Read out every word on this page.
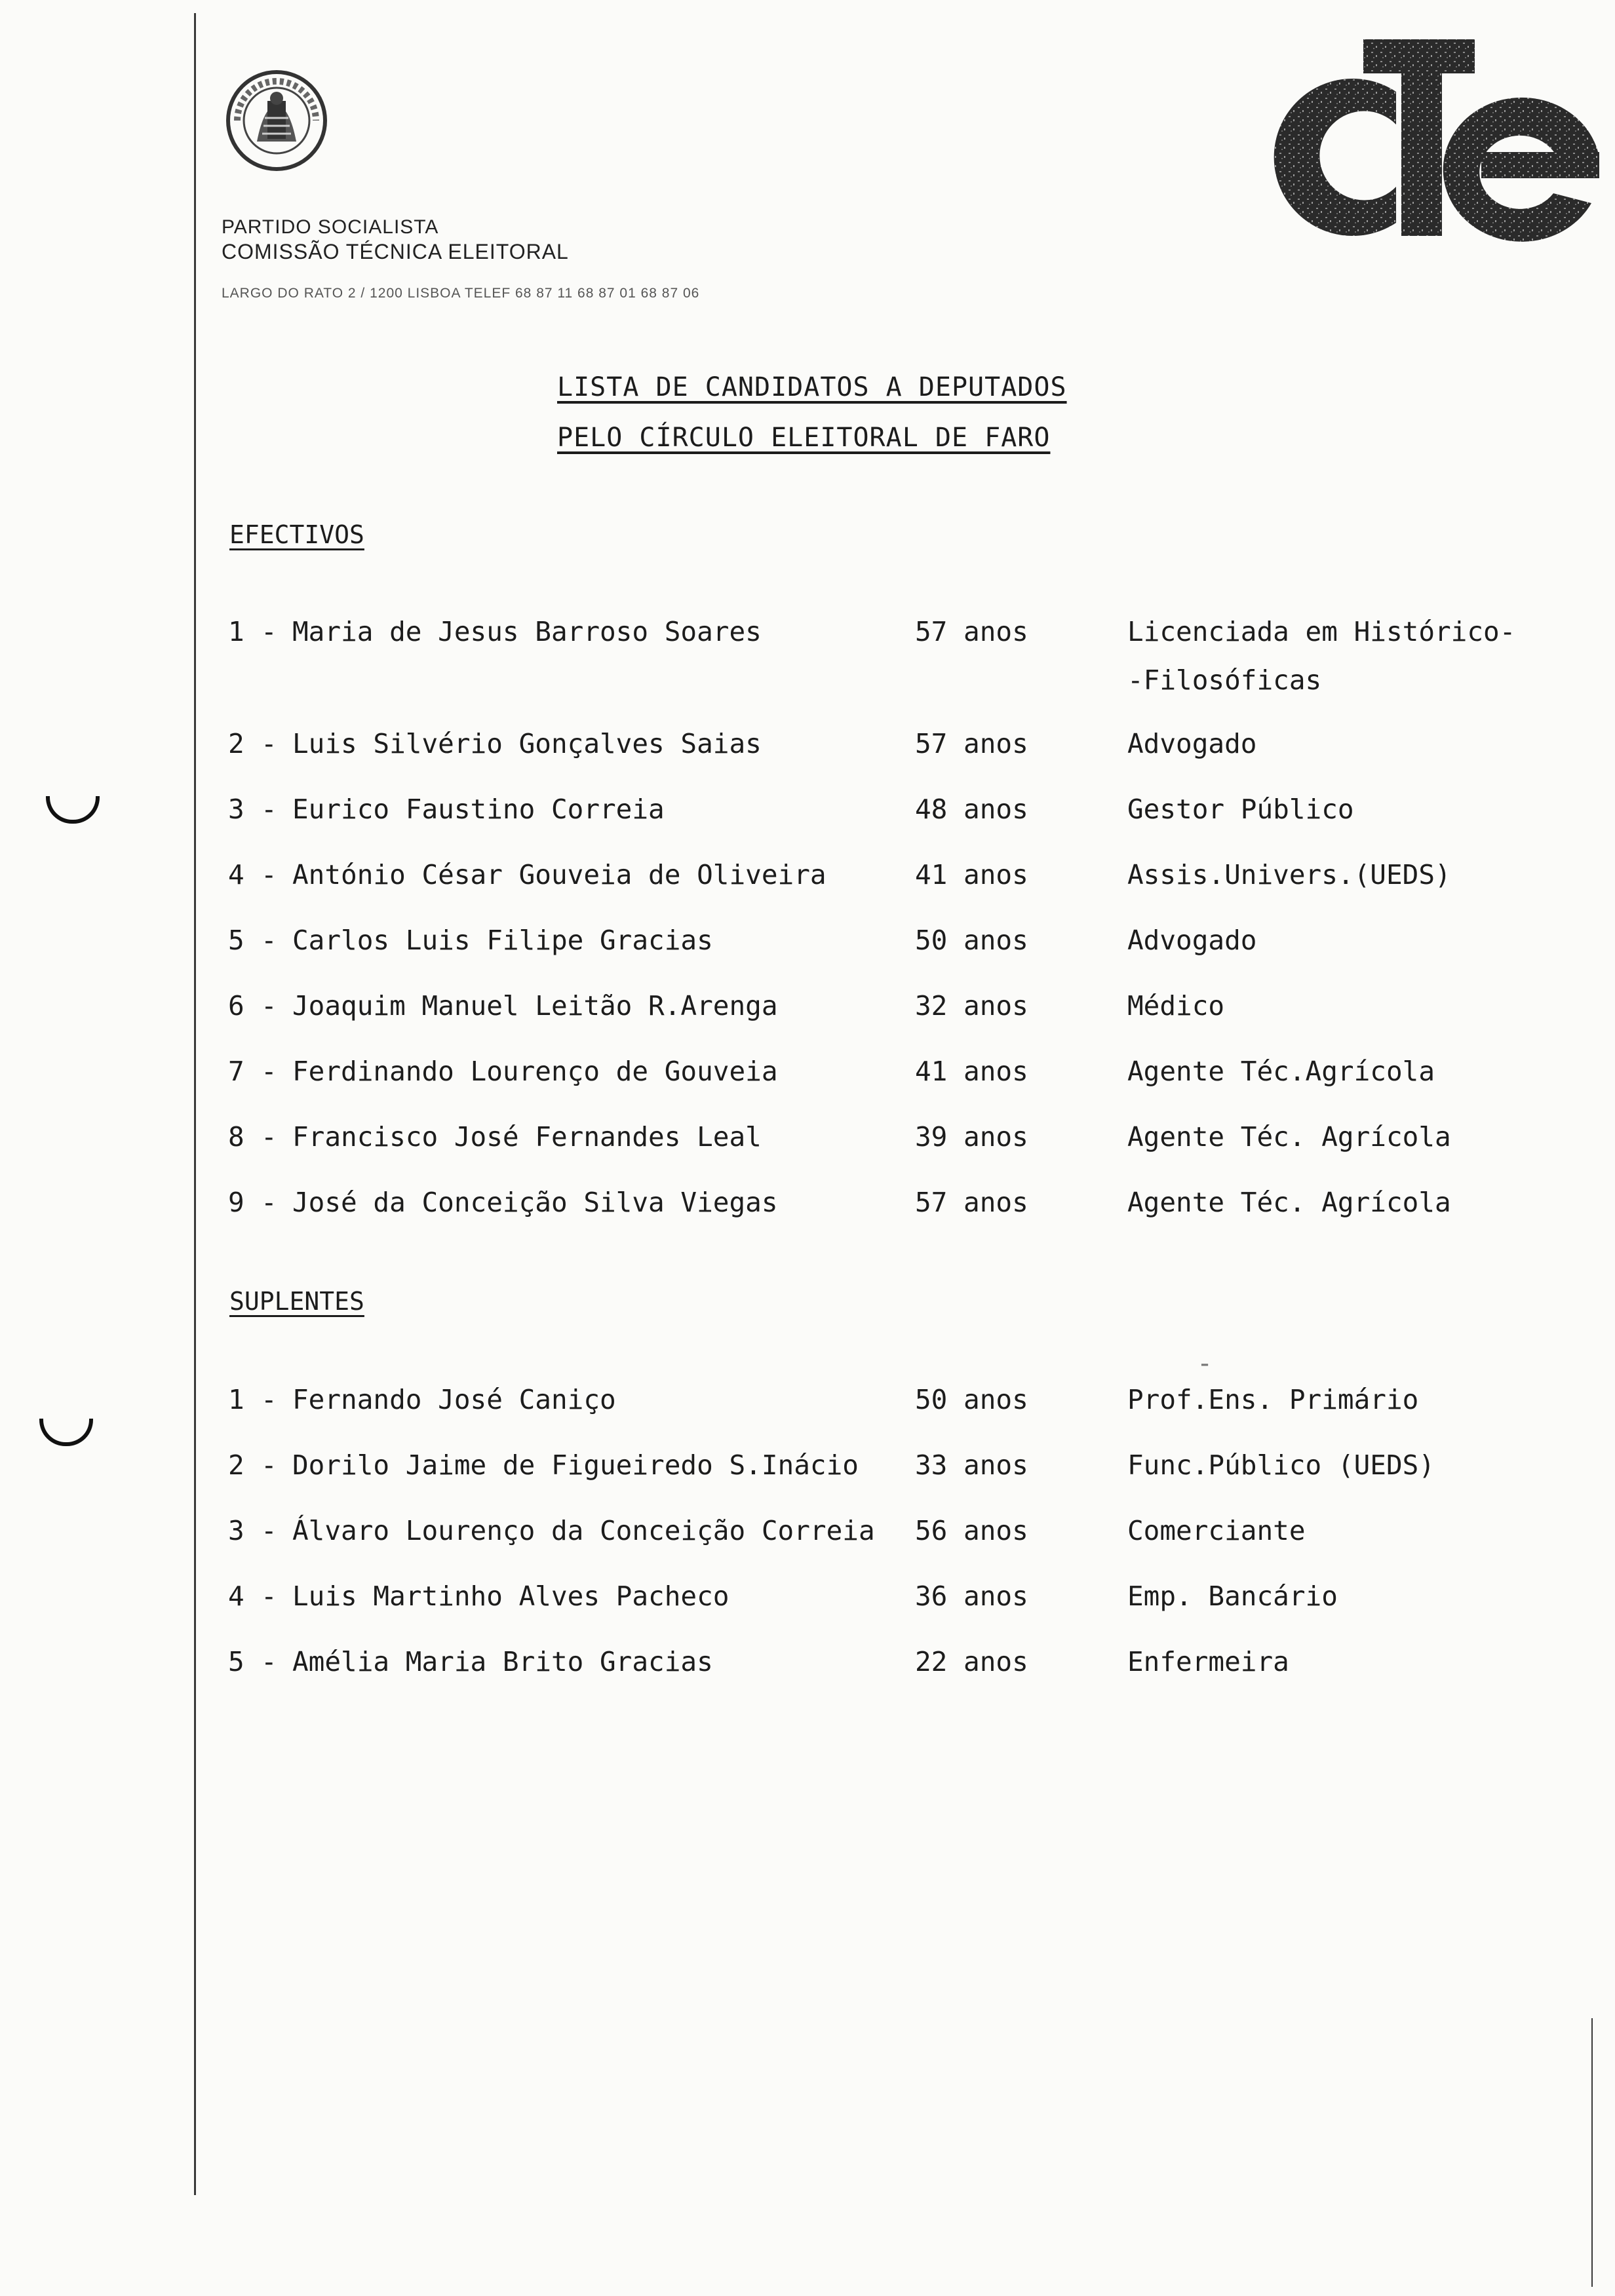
PARTIDO SOCIALISTA
COMISSÃO TÉCNICA ELEITORAL
LARGO DO RATO 2 / 1200 LISBOA TELEF 68 87 11 68 87 01 68 87 06
LISTA DE CANDIDATOS A DEPUTADOS
PELO CÍRCULO ELEITORAL DE FARO
EFECTIVOS
1 - Maria de Jesus Barroso Soares	57 anos	Licenciada em Histórico-
-Filosóficas
2 - Luis Silvério Gonçalves Saias	57 anos	Advogado
3 - Eurico Faustino Correia	48 anos	Gestor Público
4 - António César Gouveia de Oliveira	41 anos	Assis.Univers.(UEDS)
5 - Carlos Luis Filipe Gracias	50 anos	Advogado
6 - Joaquim Manuel Leitão R.Arenga	32 anos	Médico
7 - Ferdinando Lourenço de Gouveia	41 anos	Agente Téc.Agrícola
8 - Francisco José Fernandes Leal	39 anos	Agente Téc. Agrícola
9 - José da Conceição Silva Viegas	57 anos	Agente Téc. Agrícola
SUPLENTES
1 - Fernando José Caniço	50 anos	Prof.Ens. Primário
2 - Dorilo Jaime de Figueiredo S.Inácio 33 anos	Func.Público (UEDS)
3 - Álvaro Lourenço da Conceição Correia 56 anos	Comerciante
4 - Luis Martinho Alves Pacheco	36 anos	Emp. Bancário
5 - Amélia Maria Brito Gracias	22 anos	Enfermeira
-
